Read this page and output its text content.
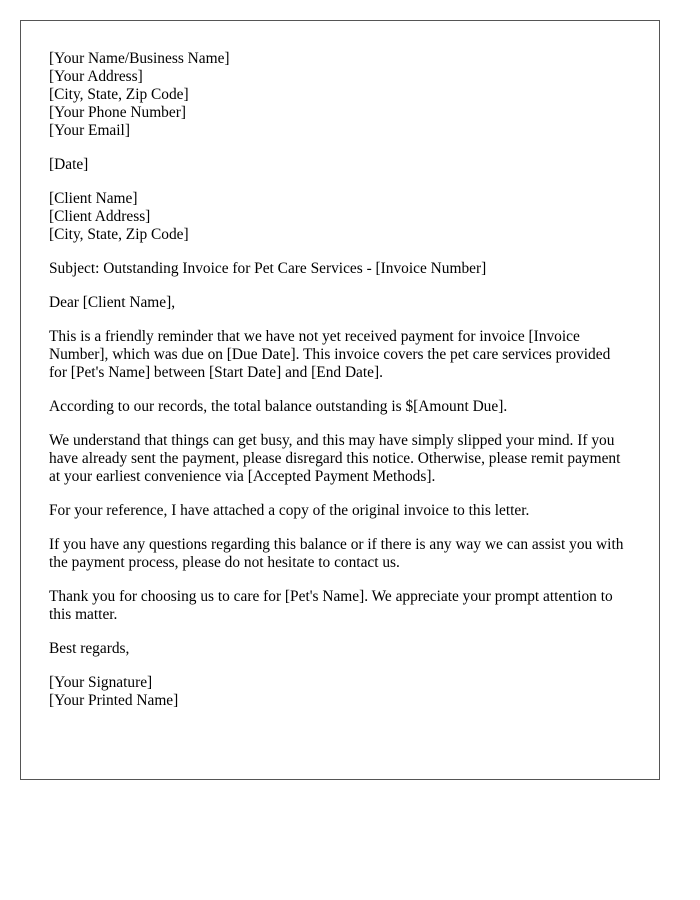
[Your Name/Business Name]
[Your Address]
[City, State, Zip Code]
[Your Phone Number]
[Your Email]
[Date]
[Client Name]
[Client Address]
[City, State, Zip Code]

Subject: Outstanding Invoice for Pet Care Services - [Invoice Number]

Dear [Client Name],

This is a friendly reminder that we have not yet received payment for invoice [Invoice Number], which was due on [Due Date]. This invoice covers the pet care services provided for [Pet's Name] between [Start Date] and [End Date].

According to our records, the total balance outstanding is $[Amount Due].

We understand that things can get busy, and this may have simply slipped your mind. If you have already sent the payment, please disregard this notice. Otherwise, please remit payment at your earliest convenience via [Accepted Payment Methods].

For your reference, I have attached a copy of the original invoice to this letter.

If you have any questions regarding this balance or if there is any way we can assist you with the payment process, please do not hesitate to contact us.

Thank you for choosing us to care for [Pet's Name]. We appreciate your prompt attention to this matter.

Best regards,

[Your Signature]
[Your Printed Name]
